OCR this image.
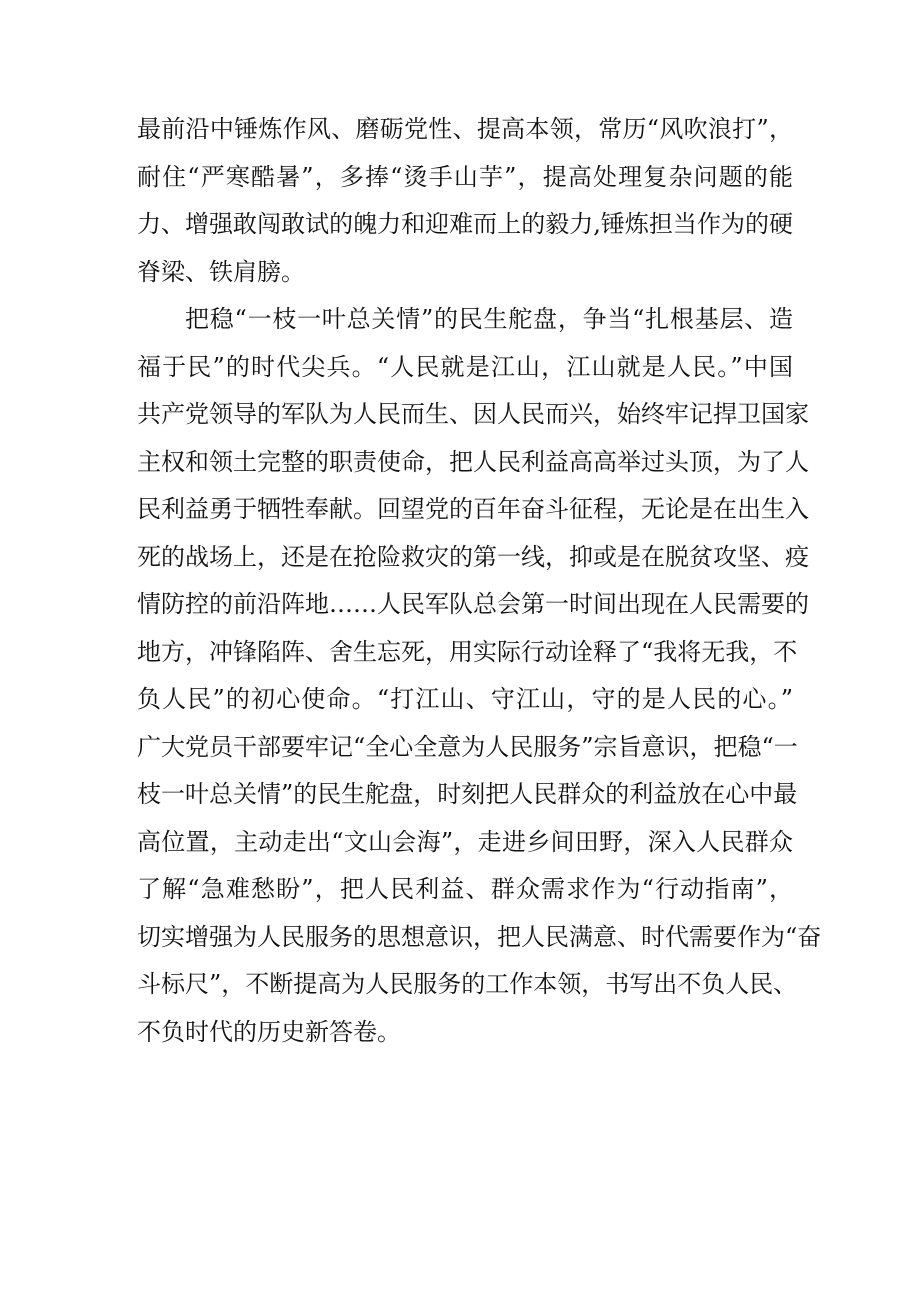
最前沿中锤炼作风、磨砺党性、提高本领，常历“风吹浪打”，
耐住“严寒酷暑”，多捧“烫手山芋”，提高处理复杂问题的能
力、增强敢闯敢试的魄力和迎难而上的毅力,锤炼担当作为的硬
脊梁、铁肩膀。
把稳“一枝一叶总关情”的民生舵盘，争当“扎根基层、造
福于民”的时代尖兵。“人民就是江山，江山就是人民。”中国
共产党领导的军队为人民而生、因人民而兴，始终牢记捍卫国家
主权和领土完整的职责使命，把人民利益高高举过头顶，为了人
民利益勇于牺牲奉献。回望党的百年奋斗征程，无论是在出生入
死的战场上，还是在抢险救灾的第一线，抑或是在脱贫攻坚、疫
情防控的前沿阵地……人民军队总会第一时间出现在人民需要的
地方，冲锋陷阵、舍生忘死，用实际行动诠释了“我将无我，不
负人民”的初心使命。“打江山、守江山，守的是人民的心。”
广大党员干部要牢记“全心全意为人民服务”宗旨意识，把稳“一
枝一叶总关情”的民生舵盘，时刻把人民群众的利益放在心中最
高位置，主动走出“文山会海”，走进乡间田野，深入人民群众
了解“急难愁盼”，把人民利益、群众需求作为“行动指南”，
切实增强为人民服务的思想意识，把人民满意、时代需要作为“奋
斗标尺”，不断提高为人民服务的工作本领，书写出不负人民、
不负时代的历史新答卷。
